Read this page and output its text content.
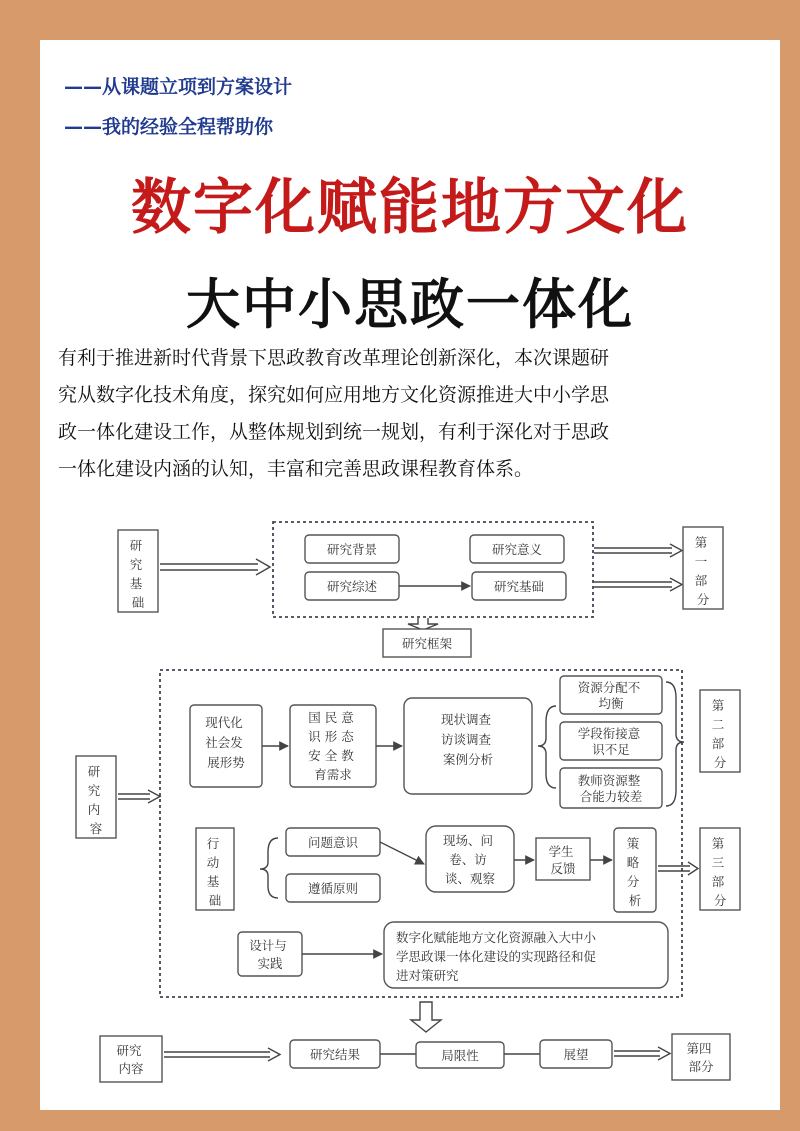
——从课题立项到方案设计
——我的经验全程帮助你
数字化赋能地方文化
大中小思政一体化
有利于推进新时代背景下思政教育改革理论创新深化，本次课题研
究从数字化技术角度，探究如何应用地方文化资源推进大中小学思
政一体化建设工作，从整体规划到统一规划，有利于深化对于思政
一体化建设内涵的认知，丰富和完善思政课程教育体系。
研 究 基 础
研究背景	研究意义
研究综述	研究基础
第 一 部 分
研究框架
研 究 内 容
现代化 社会发 展形势
国 民 意 识 形 态 安 全 教 育需求
现状调查 访谈调查 案例分析
资源分配不 均衡
学段衔接意 识不足
教师资源整 合能力较差
第 二 部 分
行 动 基 础
问题意识
遵循原则
现场、问 卷、访 谈、观察
学生 反馈
策 略 分 析
第 三 部 分
设计与 实践
数字化赋能地方文化资源融入大中小 学思政课一体化建设的实现路径和促 进对策研究
研究 内容
研究结果	局限性	展望	第四 部分
